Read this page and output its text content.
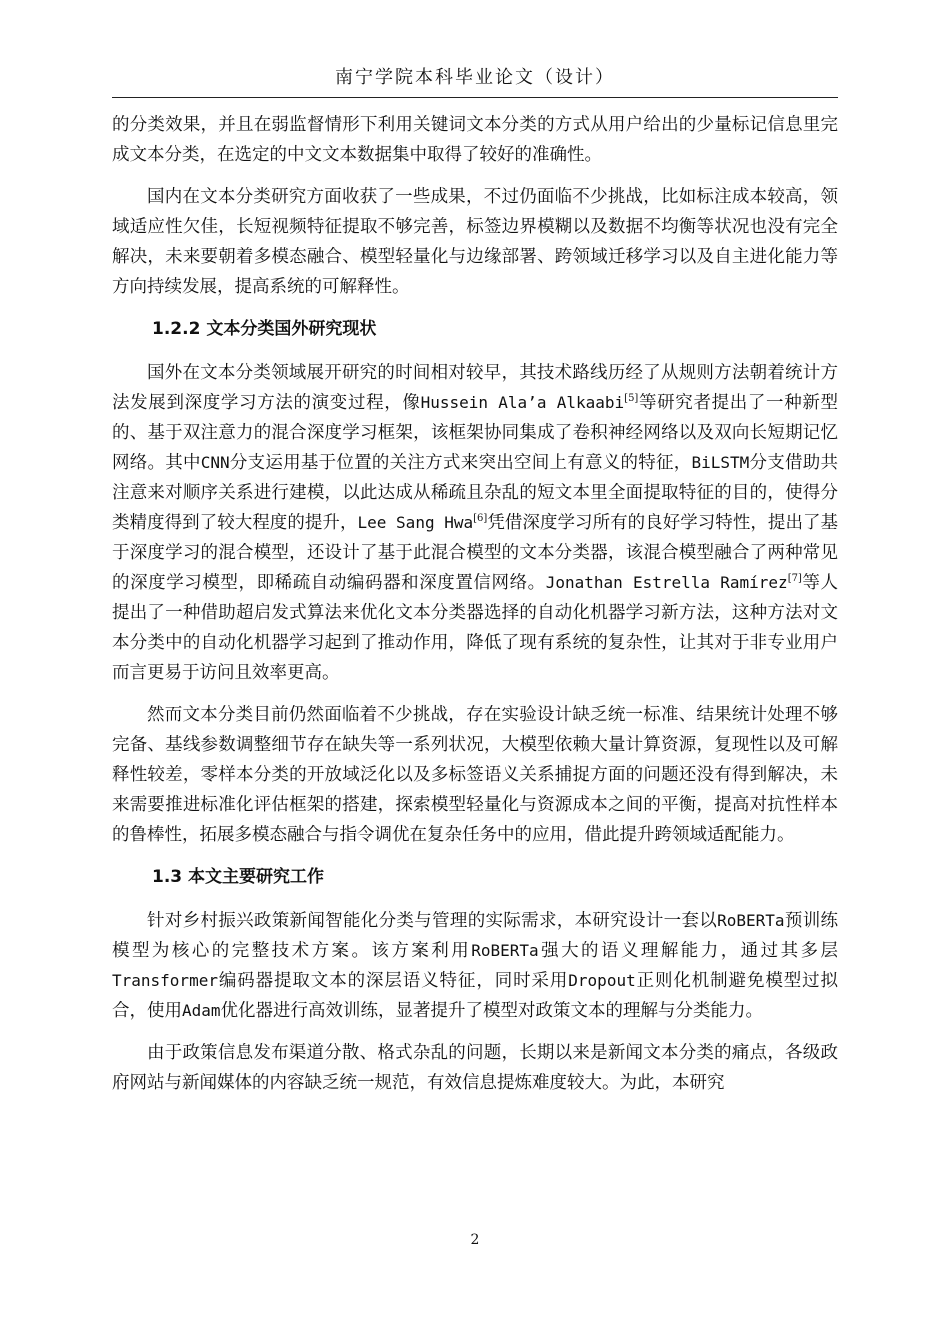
南宁学院本科毕业论文（设计）

的分类效果，并且在弱监督情形下利用关键词文本分类的方式从用户给出的少量标记信息里完成文本分类，在选定的中文文本数据集中取得了较好的准确性。

国内在文本分类研究方面收获了一些成果，不过仍面临不少挑战，比如标注成本较高，领域适应性欠佳，长短视频特征提取不够完善，标签边界模糊以及数据不均衡等状况也没有完全解决，未来要朝着多模态融合、模型轻量化与边缘部署、跨领域迁移学习以及自主进化能力等方向持续发展，提高系统的可解释性。

1.2.2 文本分类国外研究现状

国外在文本分类领域展开研究的时间相对较早，其技术路线历经了从规则方法朝着统计方法发展到深度学习方法的演变过程，像Hussein Ala’a Alkaabi[5]等研究者提出了一种新型的、基于双注意力的混合深度学习框架，该框架协同集成了卷积神经网络以及双向长短期记忆网络。其中CNN分支运用基于位置的关注方式来突出空间上有意义的特征，BiLSTM分支借助共注意来对顺序关系进行建模，以此达成从稀疏且杂乱的短文本里全面提取特征的目的，使得分类精度得到了较大程度的提升，Lee Sang Hwa[6]凭借深度学习所有的良好学习特性，提出了基于深度学习的混合模型，还设计了基于此混合模型的文本分类器，该混合模型融合了两种常见的深度学习模型，即稀疏自动编码器和深度置信网络。Jonathan Estrella Ramírez[7]等人提出了一种借助超启发式算法来优化文本分类器选择的自动化机器学习新方法，这种方法对文本分类中的自动化机器学习起到了推动作用，降低了现有系统的复杂性，让其对于非专业用户而言更易于访问且效率更高。

然而文本分类目前仍然面临着不少挑战，存在实验设计缺乏统一标准、结果统计处理不够完备、基线参数调整细节存在缺失等一系列状况，大模型依赖大量计算资源，复现性以及可解释性较差，零样本分类的开放域泛化以及多标签语义关系捕捉方面的问题还没有得到解决，未来需要推进标准化评估框架的搭建，探索模型轻量化与资源成本之间的平衡，提高对抗性样本的鲁棒性，拓展多模态融合与指令调优在复杂任务中的应用，借此提升跨领域适配能力。

1.3 本文主要研究工作

针对乡村振兴政策新闻智能化分类与管理的实际需求，本研究设计一套以RoBERTa预训练模型为核心的完整技术方案。该方案利用RoBERTa强大的语义理解能力，通过其多层Transformer编码器提取文本的深层语义特征，同时采用Dropout正则化机制避免模型过拟合，使用Adam优化器进行高效训练，显著提升了模型对政策文本的理解与分类能力。

由于政策信息发布渠道分散、格式杂乱的问题，长期以来是新闻文本分类的痛点，各级政府网站与新闻媒体的内容缺乏统一规范，有效信息提炼难度较大。为此，本研究

2
